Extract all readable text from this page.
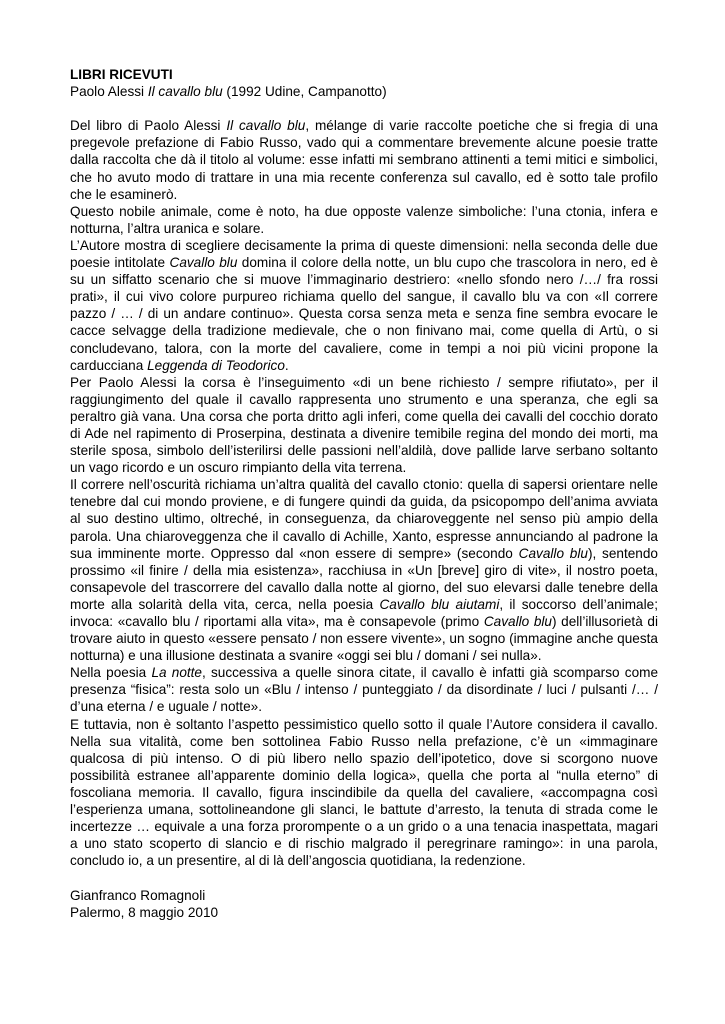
LIBRI RICEVUTI

Paolo Alessi Il cavallo blu (1992 Udine, Campanotto)

Del libro di Paolo Alessi Il cavallo blu, mélange di varie raccolte poetiche che si fregia di una pregevole prefazione di Fabio Russo, vado qui a commentare brevemente alcune poesie tratte dalla raccolta che dà il titolo al volume: esse infatti mi sembrano attinenti a temi mitici e simbolici, che ho avuto modo di trattare in una mia recente conferenza sul cavallo, ed è sotto tale profilo che le esaminerò.

Questo nobile animale, come è noto, ha due opposte valenze simboliche: l’una ctonia, infera e notturna, l’altra uranica e solare.

L’Autore mostra di scegliere decisamente la prima di queste dimensioni: nella seconda delle due poesie intitolate Cavallo blu domina il colore della notte, un blu cupo che trascolora in nero, ed è su un siffatto scenario che si muove l’immaginario destriero: «nello sfondo nero /…/ fra rossi prati», il cui vivo colore purpureo richiama quello del sangue, il cavallo blu va con «Il correre pazzo / … / di un andare continuo». Questa corsa senza meta e senza fine sembra evocare le cacce selvagge della tradizione medievale, che o non finivano mai, come quella di Artù, o si concludevano, talora, con la morte del cavaliere, come in tempi a noi più vicini propone la carducciana Leggenda di Teodorico.

Per Paolo Alessi la corsa è l’inseguimento «di un bene richiesto / sempre rifiutato», per il raggiungimento del quale il cavallo rappresenta uno strumento e una speranza, che egli sa peraltro già vana. Una corsa che porta dritto agli inferi, come quella dei cavalli del cocchio dorato di Ade nel rapimento di Proserpina, destinata a divenire temibile regina del mondo dei morti, ma sterile sposa, simbolo dell’isterilirsi delle passioni nell’aldilà, dove pallide larve serbano soltanto un vago ricordo e un oscuro rimpianto della vita terrena.

Il correre nell’oscurità richiama un’altra qualità del cavallo ctonio: quella di sapersi orientare nelle tenebre dal cui mondo proviene, e di fungere quindi da guida, da psicopompo dell’anima avviata al suo destino ultimo, oltreché, in conseguenza, da chiaroveggente nel senso più ampio della parola. Una chiaroveggenza che il cavallo di Achille, Xanto, espresse annunciando al padrone la sua imminente morte. Oppresso dal «non essere di sempre» (secondo Cavallo blu), sentendo prossimo «il finire / della mia esistenza», racchiusa in «Un [breve] giro di vite», il nostro poeta, consapevole del trascorrere del cavallo dalla notte al giorno, del suo elevarsi dalle tenebre della morte alla solarità della vita, cerca, nella poesia Cavallo blu aiutami, il soccorso dell’animale; invoca: «cavallo blu / riportami alla vita», ma è consapevole (primo Cavallo blu) dell’illusorietà di trovare aiuto in questo «essere pensato / non essere vivente», un sogno (immagine anche questa notturna) e una illusione destinata a svanire «oggi sei blu / domani / sei nulla».

Nella poesia La notte, successiva a quelle sinora citate, il cavallo è infatti già scomparso come presenza “fisica”: resta solo un «Blu / intenso / punteggiato / da disordinate / luci / pulsanti /… / d’una eterna / e uguale / notte».

E tuttavia, non è soltanto l’aspetto pessimistico quello sotto il quale l’Autore considera il cavallo. Nella sua vitalità, come ben sottolinea Fabio Russo nella prefazione, c’è un «immaginare qualcosa di più intenso. O di più libero nello spazio dell’ipotetico, dove si scorgono nuove possibilità estranee all’apparente dominio della logica», quella che porta al “nulla eterno” di foscoliana memoria. Il cavallo, figura inscindibile da quella del cavaliere, «accompagna così l’esperienza umana, sottolineandone gli slanci, le battute d’arresto, la tenuta di strada come le incertezze … equivale a una forza prorompente o a un grido o a una tenacia inaspettata, magari a uno stato scoperto di slancio e di rischio malgrado il peregrinare ramingo»: in una parola, concludo io, a un presentire, al di là dell’angoscia quotidiana, la redenzione.

Gianfranco Romagnoli

Palermo, 8 maggio 2010
